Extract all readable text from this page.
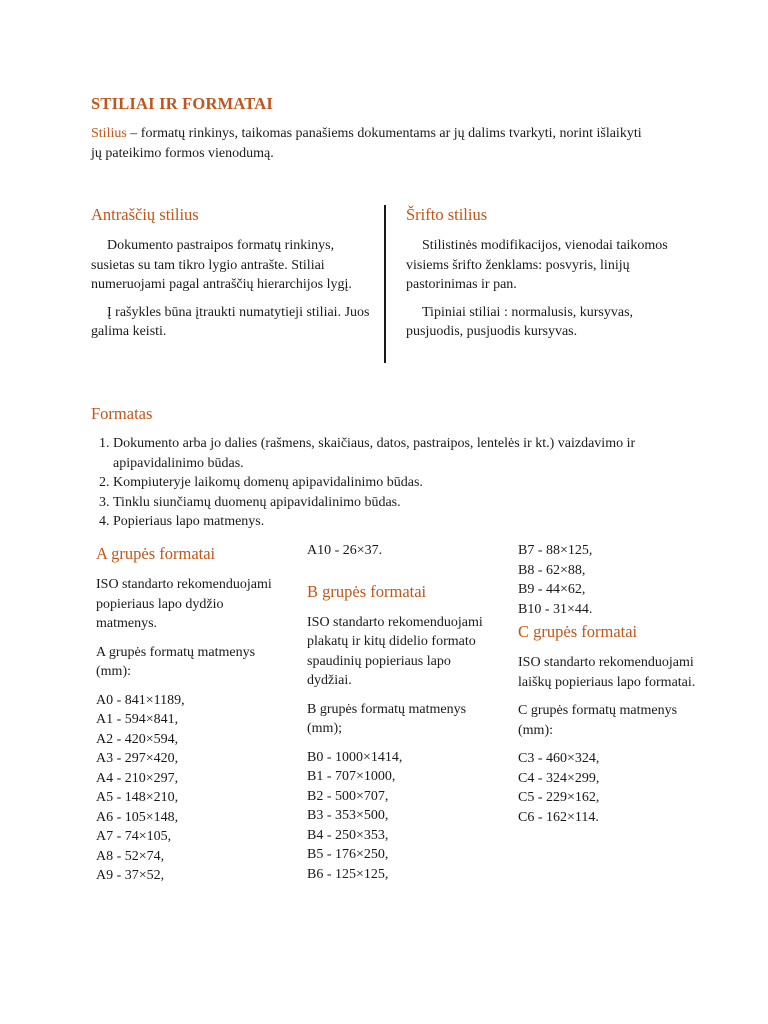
STILIAI IR FORMATAI
Stilius – formatų rinkinys, taikomas panašiems dokumentams ar jų dalims tvarkyti, norint išlaikyti jų pateikimo formos vienodumą.
Antraščių stilius

Dokumento pastraipos formatų rinkinys, susietas su tam tikro lygio antrašte. Stiliai numeruojami pagal antraščių hierarchijos lygį.

Į rašykles būna įtraukti numatytieji stiliai. Juos galima keisti.

Šrifto stilius

Stilistinės modifikacijos, vienodai taikomos visiems šrifto ženklams: posvyris, linijų pastorinimas ir pan.

Tipiniai stiliai : normalusis, kursyvas, pusjuodis, pusjuodis kursyvas.

Formatas
1. Dokumento arba jo dalies (rašmens, skaičiaus, datos, pastraipos, lentelės ir kt.) vaizdavimo ir apipavidalinimo būdas.
2. Kompiuteryje laikomų domenų apipavidalinimo būdas.
3. Tinklu siunčiamų duomenų apipavidalinimo būdas.
4. Popieriaus lapo matmenys.
A grupės formatai

ISO standarto rekomenduojami popieriaus lapo dydžio matmenys.

A grupės formatų matmenys (mm):

A0 - 841×1189,
A1 - 594×841,
A2 - 420×594,
A3 - 297×420,
A4 - 210×297,
A5 - 148×210,
A6 - 105×148,
A7 - 74×105,
A8 - 52×74,
A9 - 37×52,
A10 - 26×37.
B grupės formatai

ISO standarto rekomenduojami plakatų ir kitų didelio formato spaudinių popieriaus lapo dydžiai.

B grupės formatų matmenys (mm);

B0 - 1000×1414,
B1 - 707×1000,
B2 - 500×707,
B3 - 353×500,
B4 - 250×353,
B5 - 176×250,
B6 - 125×125,
B7 - 88×125,
B8 - 62×88,
B9 - 44×62,
B10 - 31×44.
C grupės formatai

ISO standarto rekomenduojami laiškų popieriaus lapo formatai.

C grupės formatų matmenys (mm):

C3 - 460×324,
C4 - 324×299,
C5 - 229×162,
C6 - 162×114.
